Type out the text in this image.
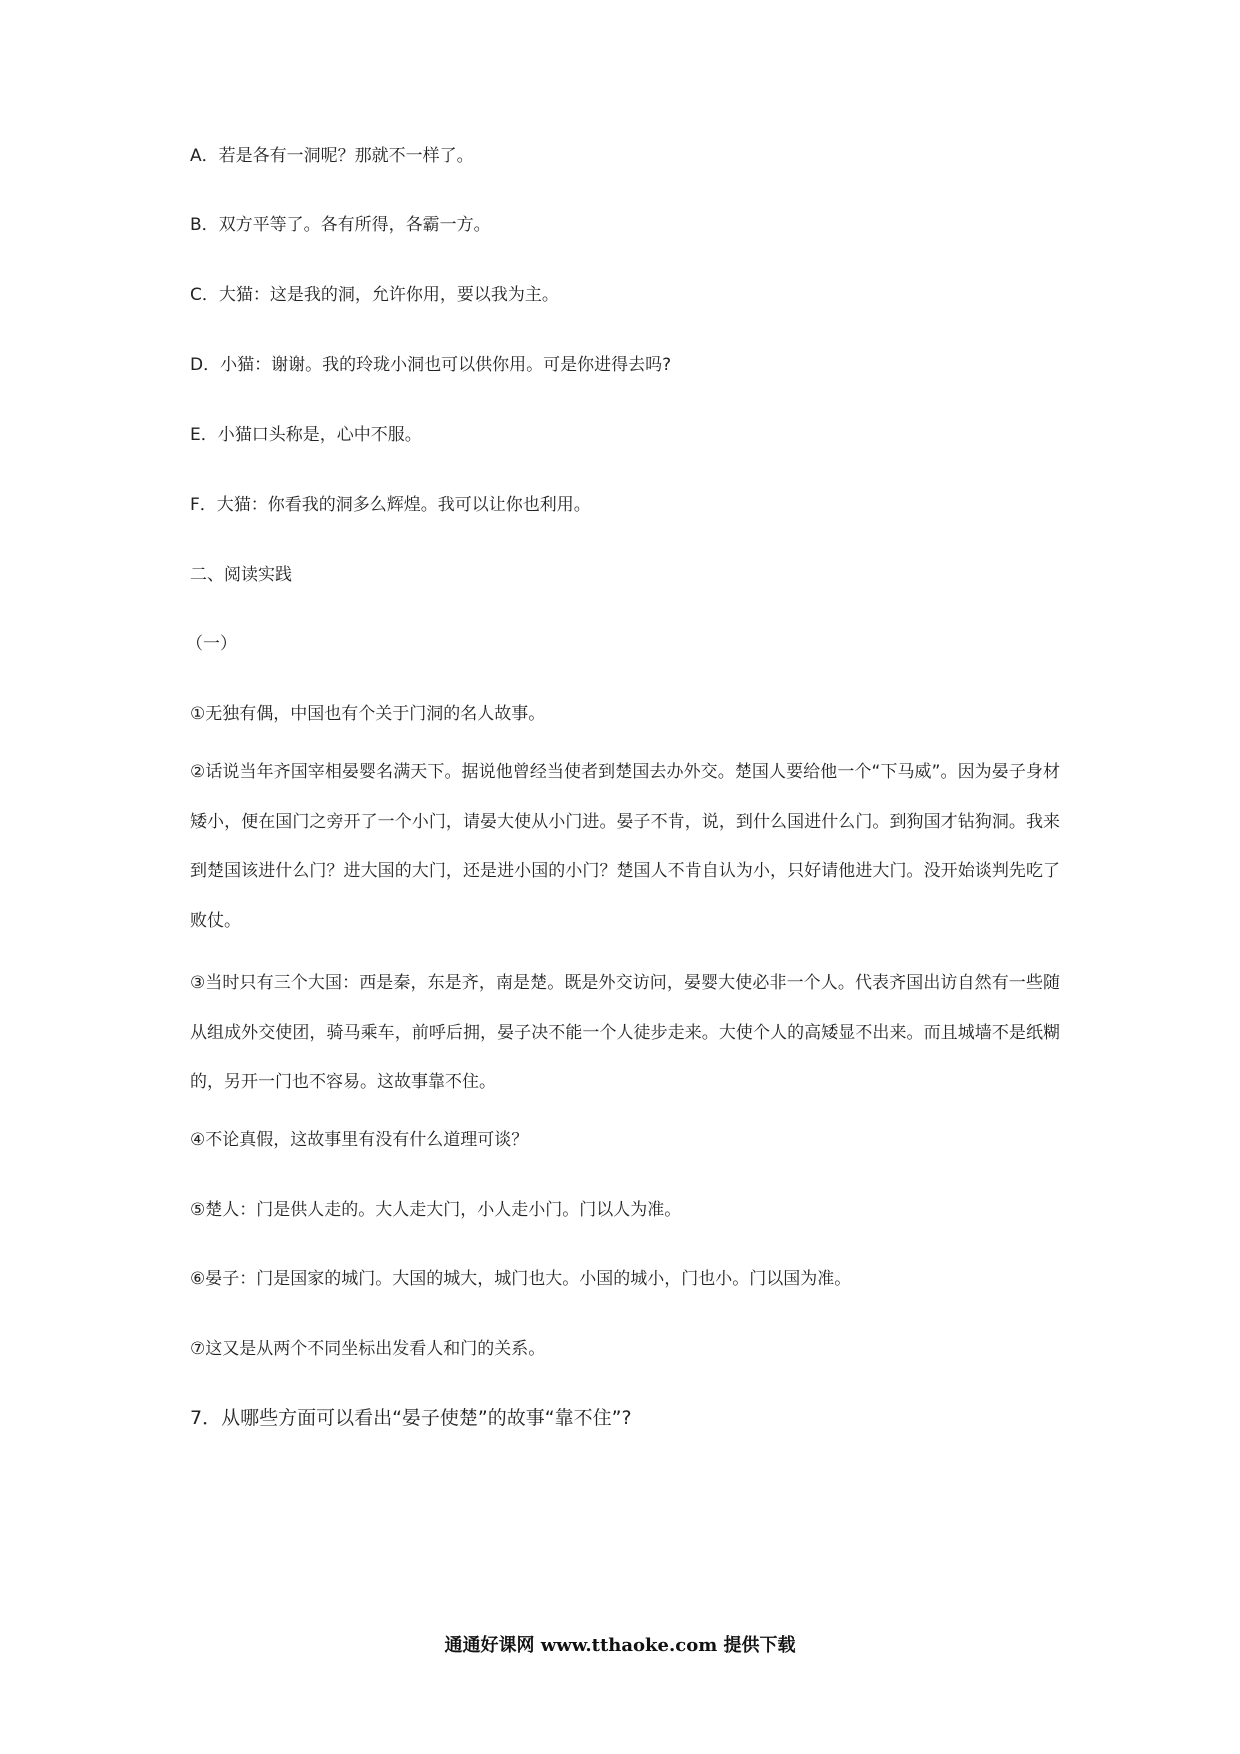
A．若是各有一洞呢？那就不一样了。
B．双方平等了。各有所得，各霸一方。
C．大猫：这是我的洞，允许你用，要以我为主。
D．小猫：谢谢。我的玲珑小洞也可以供你用。可是你进得去吗?
E．小猫口头称是，心中不服。
F．大猫：你看我的洞多么辉煌。我可以让你也利用。
二、阅读实践
（一）
①无独有偶，中国也有个关于门洞的名人故事。
②话说当年齐国宰相晏婴名满天下。据说他曾经当使者到楚国去办外交。楚国人要给他一个“下马威”。因为晏子身材矮小，便在国门之旁开了一个小门，请晏大使从小门进。晏子不肯，说，到什么国进什么门。到狗国才钻狗洞。我来到楚国该进什么门？进大国的大门，还是进小国的小门？楚国人不肯自认为小，只好请他进大门。没开始谈判先吃了败仗。
③当时只有三个大国：西是秦，东是齐，南是楚。既是外交访问，晏婴大使必非一个人。代表齐国出访自然有一些随从组成外交使团，骑马乘车，前呼后拥，晏子决不能一个人徒步走来。大使个人的高矮显不出来。而且城墙不是纸糊的，另开一门也不容易。这故事靠不住。
④不论真假，这故事里有没有什么道理可谈？
⑤楚人：门是供人走的。大人走大门，小人走小门。门以人为准。
⑥晏子：门是国家的城门。大国的城大，城门也大。小国的城小，门也小。门以国为准。
⑦这又是从两个不同坐标出发看人和门的关系。
7．从哪些方面可以看出“晏子使楚”的故事“靠不住”?
通通好课网 www.tthaoke.com 提供下载
